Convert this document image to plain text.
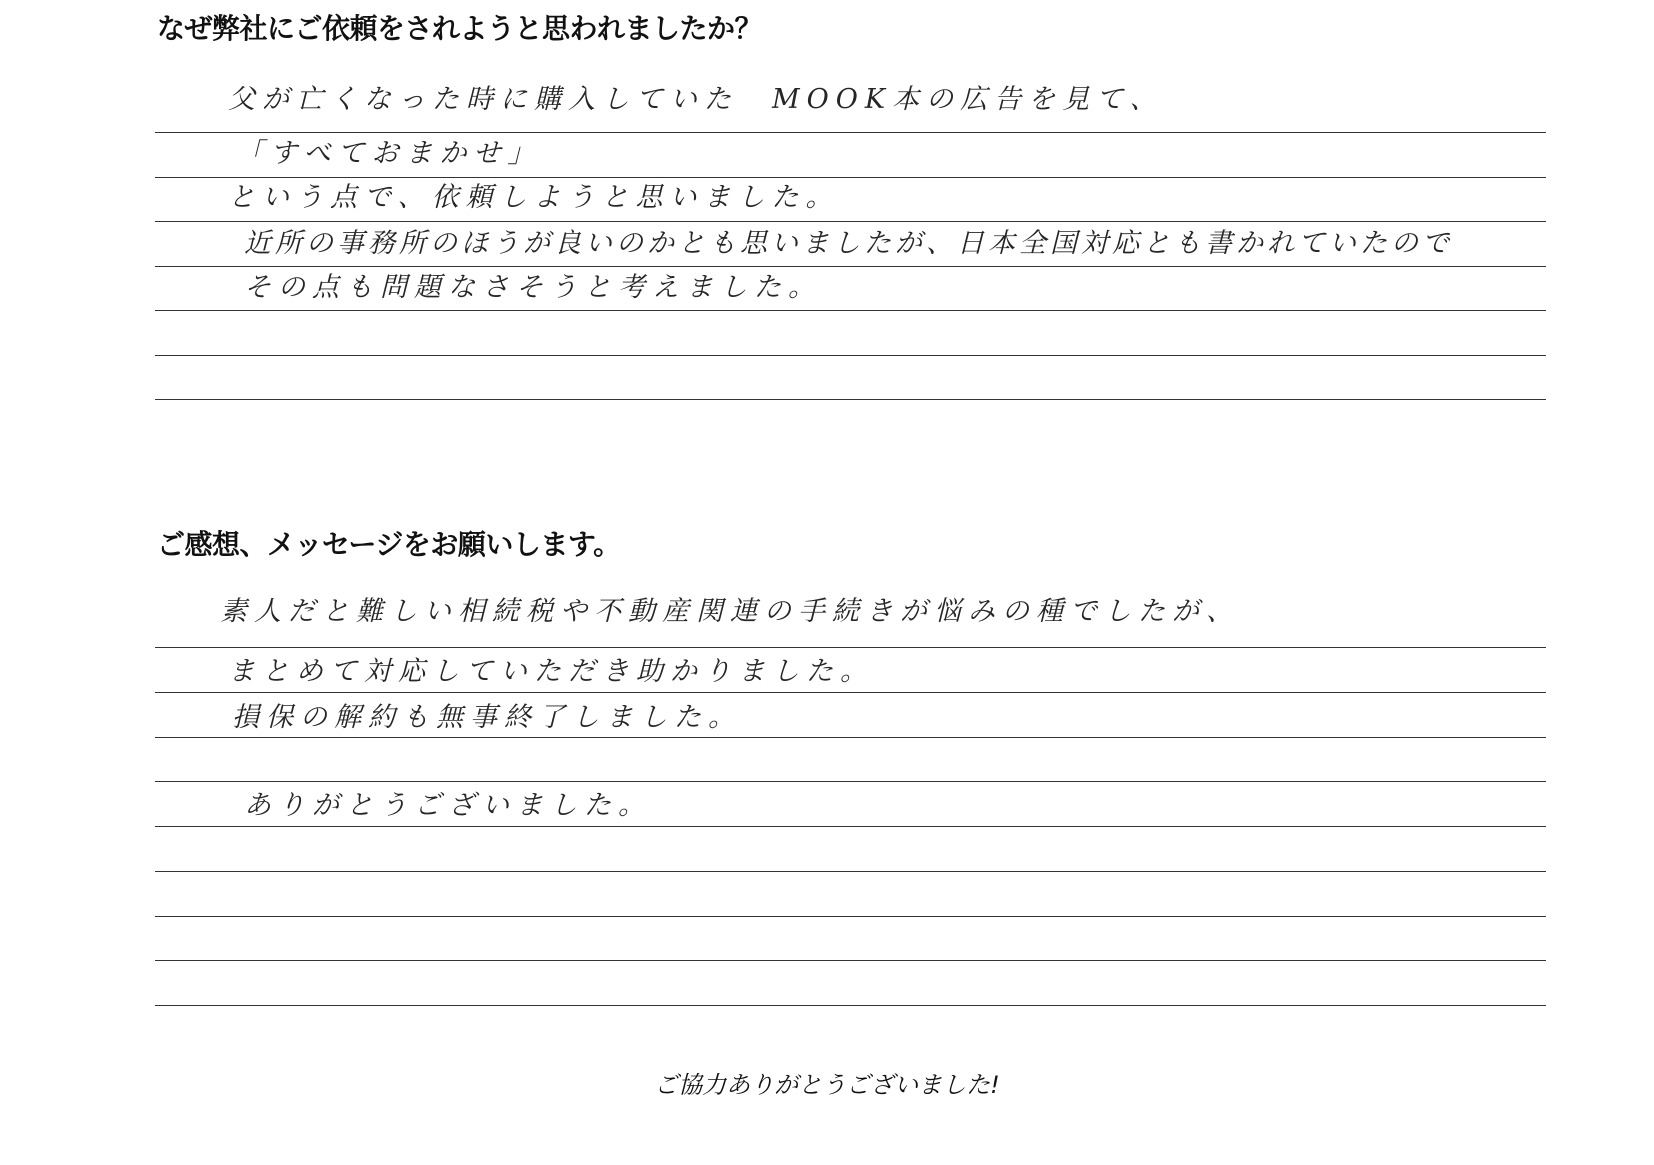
なぜ弊社にご依頼をされようと思われましたか？

父が亡くなった時に購入していた　MOOK本の広告を見て、

「すべておまかせ」

という点で、依頼しようと思いました。

近所の事務所のほうが良いのかとも思いましたが、日本全国対応とも書かれていたので

その点も問題なさそうと考えました。

ご感想、メッセージをお願いします。

素人だと難しい相続税や不動産関連の手続きが悩みの種でしたが、

まとめて対応していただき助かりました。

損保の解約も無事終了しました。

ありがとうございました。

ご協力ありがとうございました!
